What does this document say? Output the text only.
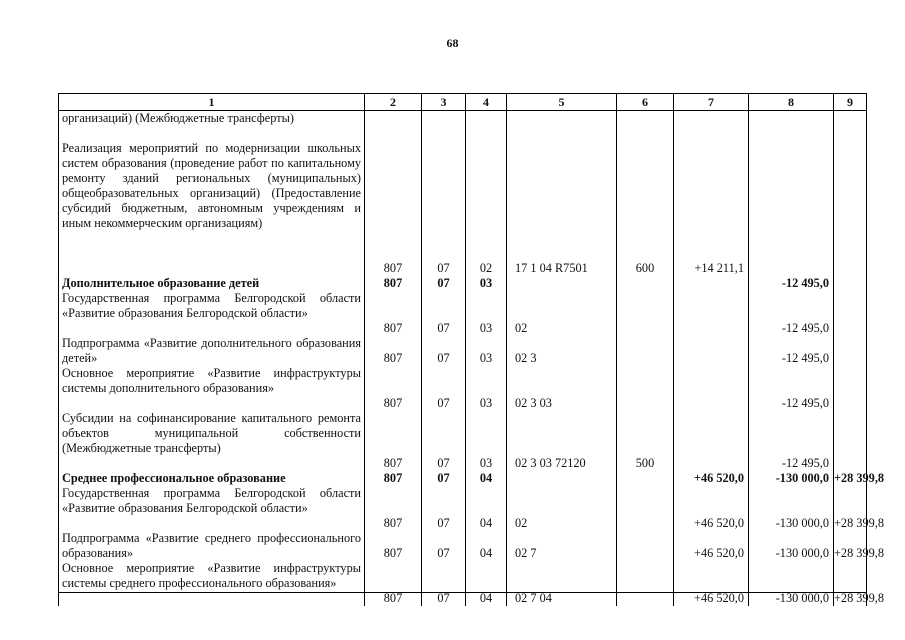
68
1	2	3	4	5	6	7	8	9
организаций) (Межбюджетные трансферты)								
Реализация мероприятий по модернизации школьных систем образования (проведение работ по капитальному ремонту зданий региональных (муниципальных) общеобразовательных организаций) (Предоставление субсидий бюджетным, автономным учреждениям и иным некоммерческим организациям)	807	07	02	17 1 04 R7501	600	+14 211,1		
Дополнительное образование детей	807	07	03				-12 495,0	
Государственная программа Белгородской области «Развитие образования Белгородской области»	807	07	03	02			-12 495,0	
Подпрограмма «Развитие дополнительного образования детей»	807	07	03	02 3			-12 495,0	
Основное мероприятие «Развитие инфраструктуры системы дополнительного образования»	807	07	03	02 3 03			-12 495,0	
Субсидии на софинансирование капитального ремонта объектов муниципальной собственности (Межбюджетные трансферты)	807	07	03	02 3 03 72120	500		-12 495,0	
Среднее профессиональное образование	807	07	04			+46 520,0	-130 000,0	+28 399,8
Государственная программа Белгородской области «Развитие образования Белгородской области»	807	07	04	02		+46 520,0	-130 000,0	+28 399,8
Подпрограмма «Развитие среднего профессионального образования»	807	07	04	02 7		+46 520,0	-130 000,0	+28 399,8
Основное мероприятие «Развитие инфраструктуры системы среднего профессионального образования»	807	07	04	02 7 04		+46 520,0	-130 000,0	+28 399,8
